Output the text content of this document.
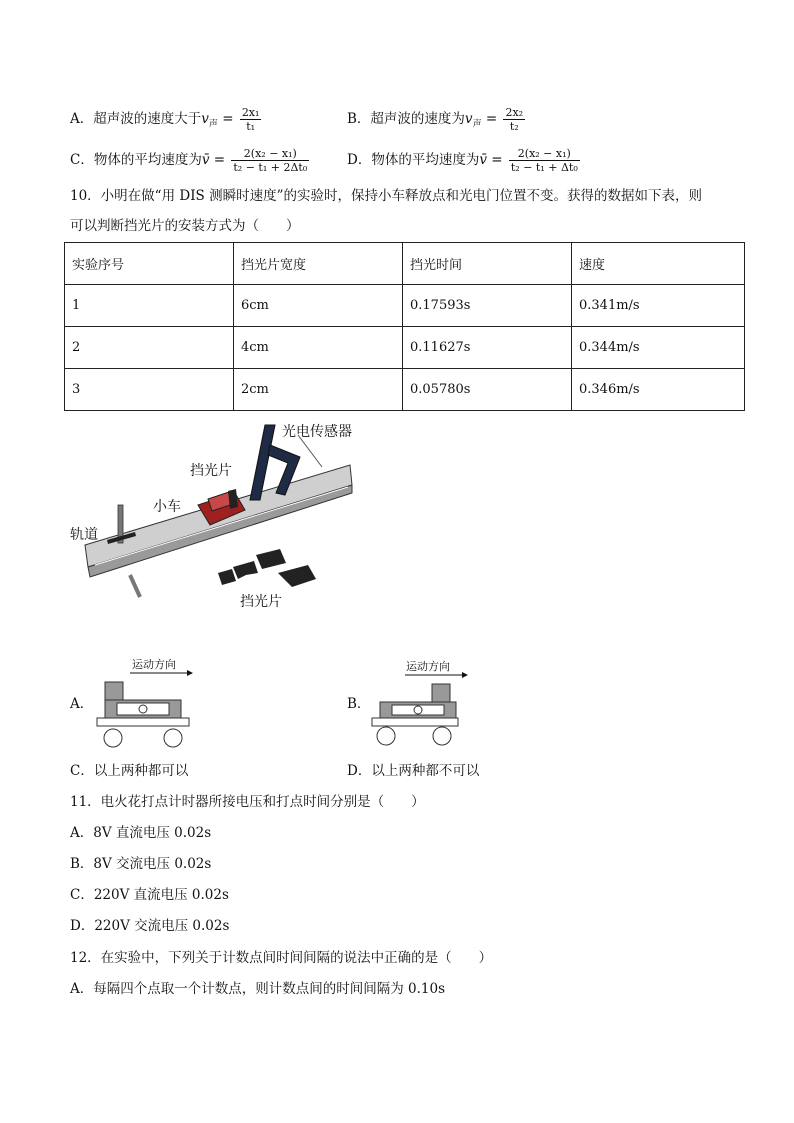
A．超声波的速度大于$v_声 = \frac{\text{2x₁}}{\text{t₁}}$	B．超声波的速度为$v_声 = \frac{\text{2x₂}}{\text{t₂}}$
C．物体的平均速度为v̄ = $\frac{\text{2(x₂ − x₁)}}{\text{t₂ − t₁ + 2Δt₀}}$	D．物体的平均速度为v̄ = $\frac{\text{2(x₂ − x₁)}}{\text{t₂ − t₁ + Δt₀}}$
10．小明在做“用 DIS 测瞬时速度”的实验时，保持小车释放点和光电门位置不变。获得的数据如下表，则
可以判断挡光片的安装方式为（　　）
实验序号	挡光片宽度	挡光时间	速度
1	6cm	0.17593s	0.341m/s
2	4cm	0.11627s	0.344m/s
3	2cm	0.05780s	0.346m/s
光电传感器
挡光片
小车
轨道
挡光片
A．
运动方向
B．
运动方向
C．以上两种都可以	D．以上两种都不可以
11．电火花打点计时器所接电压和打点时间分别是（　　）
A．8V 直流电压 0.02s
B．8V 交流电压 0.02s
C．220V 直流电压 0.02s
D．220V 交流电压 0.02s
12．在实验中，下列关于计数点间时间间隔的说法中正确的是（　　）
A．每隔四个点取一个计数点，则计数点间的时间间隔为 0.10s
